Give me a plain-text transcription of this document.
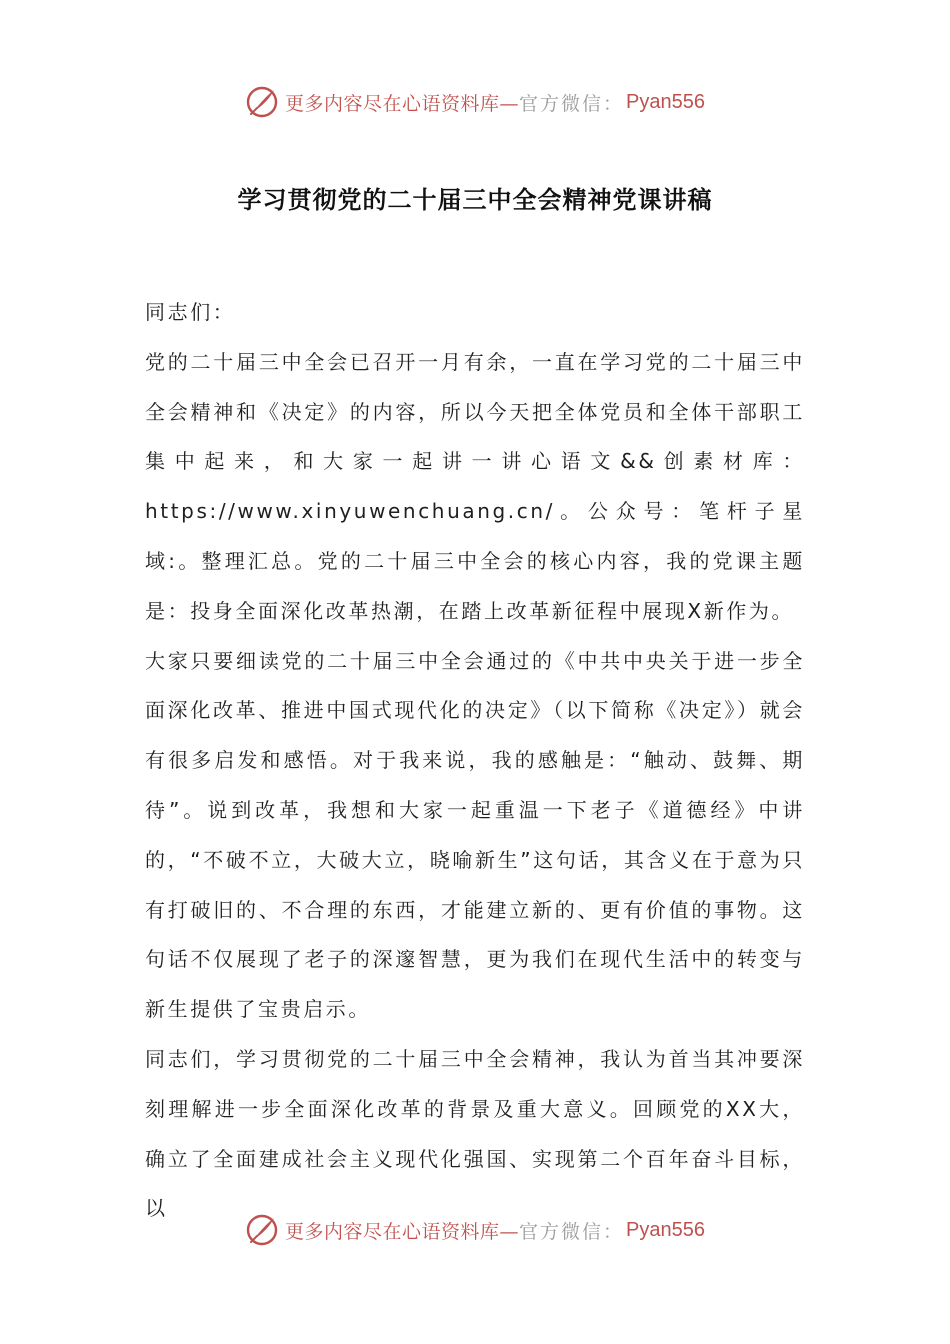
更多内容尽在心语资料库— 官方微信： Pyan556
学习贯彻党的二十届三中全会精神党课讲稿

同志们：

党的二十届三中全会已召开一月有余，一直在学习党的二十届三中全会精神和《决定》的内容，所以今天把全体党员和全体干部职工集中起来，和大家一起讲一讲心语文&&创素材库：https://www.xinyuwenchuang.cn/。公众号：笔杆子星域:。整理汇总。党的二十届三中全会的核心内容，我的党课主题是：投身全面深化改革热潮，在踏上改革新征程中展现X新作为。

大家只要细读党的二十届三中全会通过的《中共中央关于进一步全面深化改革、推进中国式现代化的决定》（以下简称《决定》）就会有很多启发和感悟。对于我来说，我的感触是：“触动、鼓舞、期待”。说到改革，我想和大家一起重温一下老子《道德经》中讲的，“不破不立，大破大立，晓喻新生”这句话，其含义在于意为只有打破旧的、不合理的东西，才能建立新的、更有价值的事物。这句话不仅展现了老子的深邃智慧，更为我们在现代生活中的转变与新生提供了宝贵启示。

同志们，学习贯彻党的二十届三中全会精神，我认为首当其冲要深刻理解进一步全面深化改革的背景及重大意义。回顾党的XX大，确立了全面建成社会主义现代化强国、实现第二个百年奋斗目标，以

更多内容尽在心语资料库— 官方微信： Pyan556
